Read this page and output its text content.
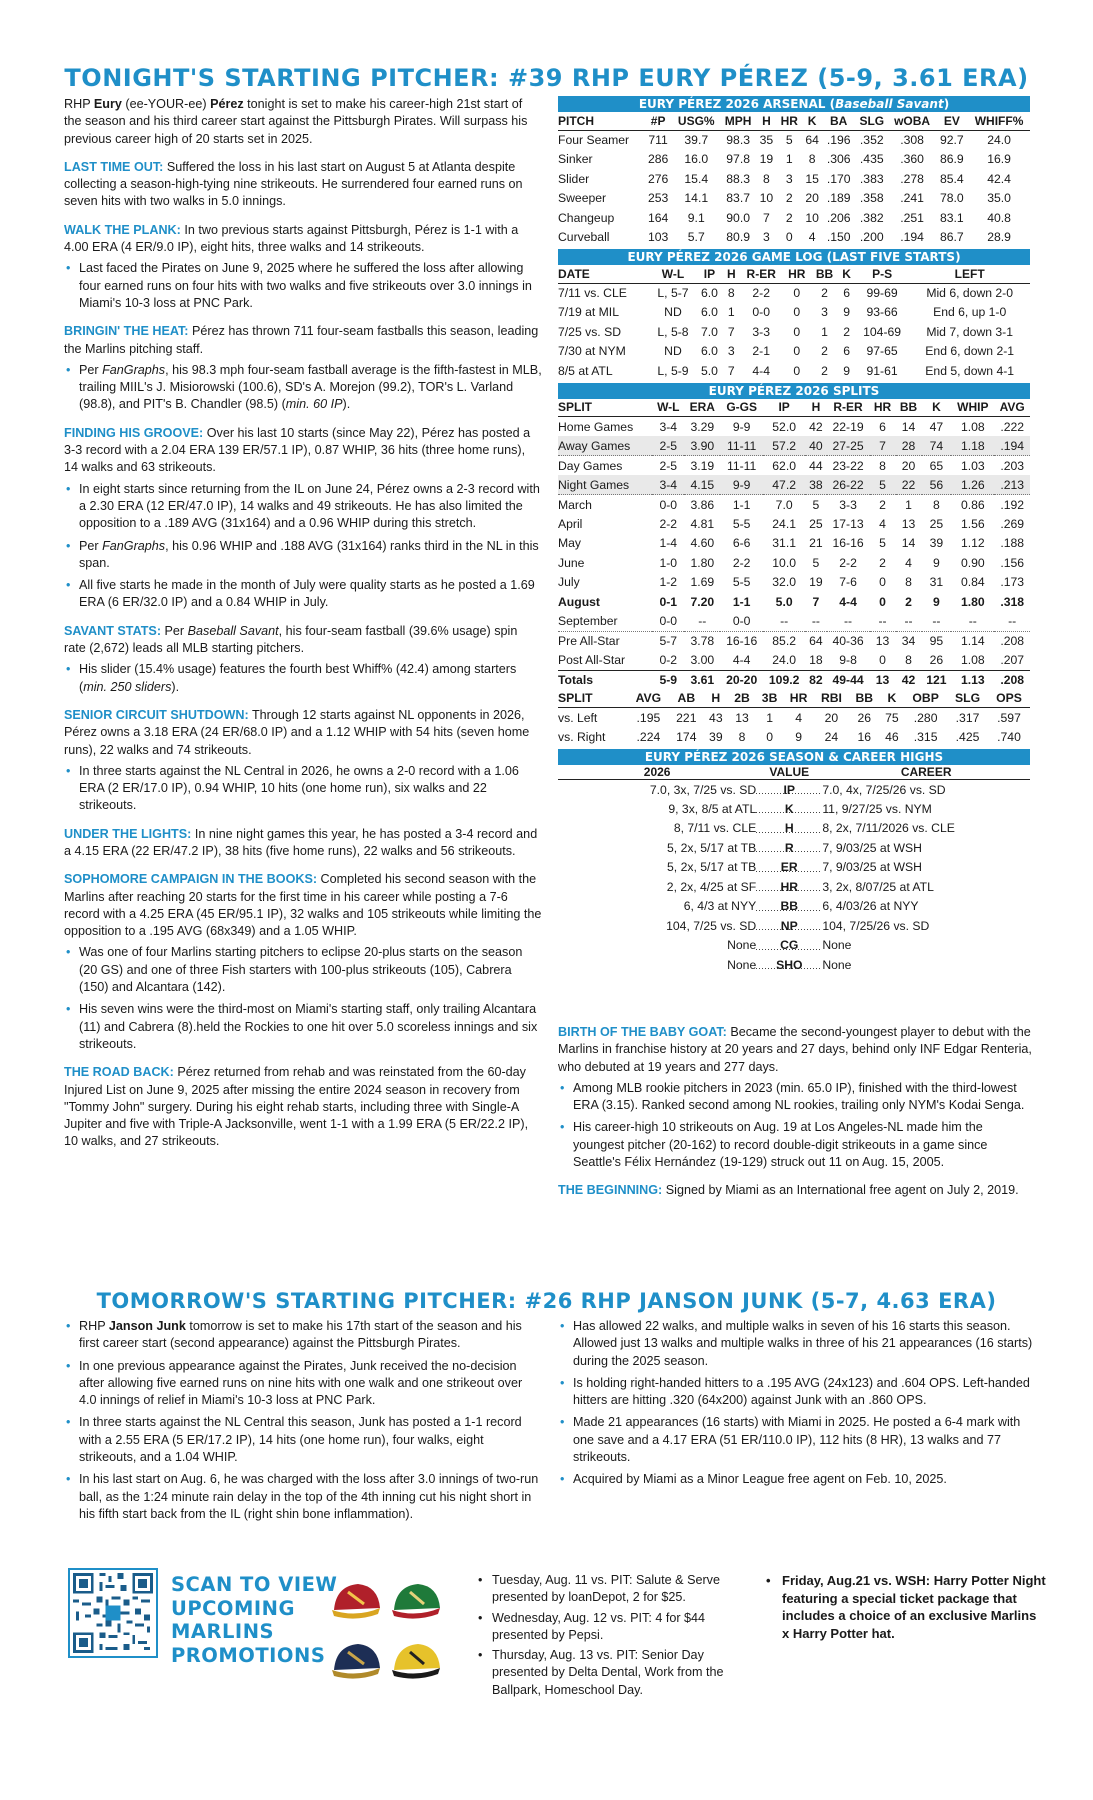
TONIGHT'S STARTING PITCHER: #39 RHP EURY PÉREZ (5-9, 3.61 ERA)

RHP Eury (ee-YOUR-ee) Pérez tonight is set to make his career-high 21st start of the season and his third career start against the Pittsburgh Pirates. Will surpass his previous career high of 20 starts set in 2025.

LAST TIME OUT: Suffered the loss in his last start on August 5 at Atlanta despite collecting a season-high-tying nine strikeouts. He surrendered four earned runs on seven hits with two walks in 5.0 innings.

WALK THE PLANK: In two previous starts against Pittsburgh, Pérez is 1-1 with a 4.00 ERA (4 ER/9.0 IP), eight hits, three walks and 14 strikeouts.

• Last faced the Pirates on June 9, 2025 where he suffered the loss after allowing four earned runs on four hits with two walks and five strikeouts over 3.0 innings in Miami's 10-3 loss at PNC Park.

BRINGIN' THE HEAT: Pérez has thrown 711 four-seam fastballs this season, leading the Marlins pitching staff.

• Per FanGraphs, his 98.3 mph four-seam fastball average is the fifth-fastest in MLB, trailing MIIL's J. Misiorowski (100.6), SD's A. Morejon (99.2), TOR's L. Varland (98.8), and PIT's B. Chandler (98.5) (min. 60 IP).

FINDING HIS GROOVE: Over his last 10 starts (since May 22), Pérez has posted a 3-3 record with a 2.04 ERA 139 ER/57.1 IP), 0.87 WHIP, 36 hits (three home runs), 14 walks and 63 strikeouts.

• In eight starts since returning from the IL on June 24, Pérez owns a 2-3 record with a 2.30 ERA (12 ER/47.0 IP), 14 walks and 49 strikeouts. He has also limited the opposition to a .189 AVG (31x164) and a 0.96 WHIP during this stretch.
• Per FanGraphs, his 0.96 WHIP and .188 AVG (31x164) ranks third in the NL in this span.
• All five starts he made in the month of July were quality starts as he posted a 1.69 ERA (6 ER/32.0 IP) and a 0.84 WHIP in July.

SAVANT STATS: Per Baseball Savant, his four-seam fastball (39.6% usage) spin rate (2,672) leads all MLB starting pitchers.

• His slider (15.4% usage) features the fourth best Whiff% (42.4) among starters (min. 250 sliders).

SENIOR CIRCUIT SHUTDOWN: Through 12 starts against NL opponents in 2026, Pérez owns a 3.18 ERA (24 ER/68.0 IP) and a 1.12 WHIP with 54 hits (seven home runs), 22 walks and 74 strikeouts.

• In three starts against the NL Central in 2026, he owns a 2-0 record with a 1.06 ERA (2 ER/17.0 IP), 0.94 WHIP, 10 hits (one home run), six walks and 22 strikeouts.

UNDER THE LIGHTS: In nine night games this year, he has posted a 3-4 record and a 4.15 ERA (22 ER/47.2 IP), 38 hits (five home runs), 22 walks and 56 strikeouts.

SOPHOMORE CAMPAIGN IN THE BOOKS: Completed his second season with the Marlins after reaching 20 starts for the first time in his career while posting a 7-6 record with a 4.25 ERA (45 ER/95.1 IP), 32 walks and 105 strikeouts while limiting the opposition to a .195 AVG (68x349) and a 1.05 WHIP.

• Was one of four Marlins starting pitchers to eclipse 20-plus starts on the season (20 GS) and one of three Fish starters with 100-plus strikeouts (105), Cabrera (150) and Alcantara (142).
• His seven wins were the third-most on Miami's starting staff, only trailing Alcantara (11) and Cabrera (8).held the Rockies to one hit over 5.0 scoreless innings and six strikeouts.

THE ROAD BACK: Pérez returned from rehab and was reinstated from the 60-day Injured List on June 9, 2025 after missing the entire 2024 season in recovery from "Tommy John" surgery. During his eight rehab starts, including three with Single-A Jupiter and five with Triple-A Jacksonville, went 1-1 with a 1.99 ERA (5 ER/22.2 IP), 10 walks, and 27 strikeouts.

EURY PÉREZ 2026 ARSENAL (Baseball Savant)
PITCH	#P	USG%	MPH	H	HR	K	BA	SLG	wOBA	EV	WHIFF%
Four Seamer	711	39.7	98.3	35	5	64	.196	.352	.308	92.7	24.0
Sinker	286	16.0	97.8	19	1	8	.306	.435	.360	86.9	16.9
Slider	276	15.4	88.3	8	3	15	.170	.383	.278	85.4	42.4
Sweeper	253	14.1	83.7	10	2	20	.189	.358	.241	78.0	35.0
Changeup	164	9.1	90.0	7	2	10	.206	.382	.251	83.1	40.8
Curveball	103	5.7	80.9	3	0	4	.150	.200	.194	86.7	28.9
EURY PÉREZ 2026 GAME LOG (LAST FIVE STARTS)
DATE	W-L	IP	H	R-ER	HR	BB	K	P-S	LEFT
7/11 vs. CLE	L, 5-7	6.0	8	2-2	0	2	6	99-69	Mid 6, down 2-0
7/19 at MIL	ND	6.0	1	0-0	0	3	9	93-66	End 6, up 1-0
7/25 vs. SD	L, 5-8	7.0	7	3-3	0	1	2	104-69	Mid 7, down 3-1
7/30 at NYM	ND	6.0	3	2-1	0	2	6	97-65	End 6, down 2-1
8/5 at ATL	L, 5-9	5.0	7	4-4	0	2	9	91-61	End 5, down 4-1
EURY PÉREZ 2026 SPLITS
SPLIT	W-L	ERA	G-GS	IP	H	R-ER	HR	BB	K	WHIP	AVG
Home Games	3-4	3.29	9-9	52.0	42	22-19	6	14	47	1.08	.222
Away Games	2-5	3.90	11-11	57.2	40	27-25	7	28	74	1.18	.194
Day Games	2-5	3.19	11-11	62.0	44	23-22	8	20	65	1.03	.203
Night Games	3-4	4.15	9-9	47.2	38	26-22	5	22	56	1.26	.213
March	0-0	3.86	1-1	7.0	5	3-3	2	1	8	0.86	.192
April	2-2	4.81	5-5	24.1	25	17-13	4	13	25	1.56	.269
May	1-4	4.60	6-6	31.1	21	16-16	5	14	39	1.12	.188
June	1-0	1.80	2-2	10.0	5	2-2	2	4	9	0.90	.156
July	1-2	1.69	5-5	32.0	19	7-6	0	8	31	0.84	.173
August	0-1	7.20	1-1	5.0	7	4-4	0	2	9	1.80	.318
September	0-0	--	0-0	--	--	--	--	--	--	--	--
Pre All-Star	5-7	3.78	16-16	85.2	64	40-36	13	34	95	1.14	.208
Post All-Star	0-2	3.00	4-4	24.0	18	9-8	0	8	26	1.08	.207
Totals	5-9	3.61	20-20	109.2	82	49-44	13	42	121	1.13	.208
SPLIT	AVG	AB	H	2B	3B	HR	RBI	BB	K	OBP	SLG	OPS
vs. Left	.195	221	43	13	1	4	20	26	75	.280	.317	.597
vs. Right	.224	174	39	8	0	9	24	16	46	.315	.425	.740
EURY PÉREZ 2026 SEASON & CAREER HIGHS
2026	VALUE	CAREER
7.0, 3x, 7/25 vs. SD	IP	7.0, 4x, 7/25/26 vs. SD
9, 3x, 8/5 at ATL	K	11, 9/27/25 vs. NYM
8, 7/11 vs. CLE	H	8, 2x, 7/11/2026 vs. CLE
5, 2x, 5/17 at TB	R	7, 9/03/25 at WSH
5, 2x, 5/17 at TB	ER	7, 9/03/25 at WSH
2, 2x, 4/25 at SF	HR	3, 2x, 8/07/25 at ATL
6, 4/3 at NYY	BB	6, 4/03/26 at NYY
104, 7/25 vs. SD	NP	104, 7/25/26 vs. SD
None	CG	None
None	SHO	None

BIRTH OF THE BABY GOAT: Became the second-youngest player to debut with the Marlins in franchise history at 20 years and 27 days, behind only INF Edgar Renteria, who debuted at 19 years and 277 days.

• Among MLB rookie pitchers in 2023 (min. 65.0 IP), finished with the third-lowest ERA (3.15). Ranked second among NL rookies, trailing only NYM's Kodai Senga.
• His career-high 10 strikeouts on Aug. 19 at Los Angeles-NL made him the youngest pitcher (20-162) to record double-digit strikeouts in a game since Seattle's Félix Hernández (19-129) struck out 11 on Aug. 15, 2005.

THE BEGINNING: Signed by Miami as an International free agent on July 2, 2019.

TOMORROW'S STARTING PITCHER: #26 RHP JANSON JUNK (5-7, 4.63 ERA)
• RHP Janson Junk tomorrow is set to make his 17th start of the season and his first career start (second appearance) against the Pittsburgh Pirates.
• In one previous appearance against the Pirates, Junk received the no-decision after allowing five earned runs on nine hits with one walk and one strikeout over 4.0 innings of relief in Miami's 10-3 loss at PNC Park.
• In three starts against the NL Central this season, Junk has posted a 1-1 record with a 2.55 ERA (5 ER/17.2 IP), 14 hits (one home run), four walks, eight strikeouts, and a 1.04 WHIP.
• In his last start on Aug. 6, he was charged with the loss after 3.0 innings of two-run ball, as the 1:24 minute rain delay in the top of the 4th inning cut his night short in his fifth start back from the IL (right shin bone inflammation).
• Has allowed 22 walks, and multiple walks in seven of his 16 starts this season. Allowed just 13 walks and multiple walks in three of his 21 appearances (16 starts) during the 2025 season.
• Is holding right-handed hitters to a .195 AVG (24x123) and .604 OPS. Left-handed hitters are hitting .320 (64x200) against Junk with an .860 OPS.
• Made 21 appearances (16 starts) with Miami in 2025. He posted a 6-4 mark with one save and a 4.17 ERA (51 ER/110.0 IP), 112 hits (8 HR), 13 walks and 77 strikeouts.
• Acquired by Miami as a Minor League free agent on Feb. 10, 2025.
SCAN TO VIEW
UPCOMING
MARLINS
PROMOTIONS
• Tuesday, Aug. 11 vs. PIT: Salute & Serve presented by loanDepot, 2 for $25.
• Wednesday, Aug. 12 vs. PIT: 4 for $44 presented by Pepsi.
• Thursday, Aug. 13 vs. PIT: Senior Day presented by Delta Dental, Work from the Ballpark, Homeschool Day.
• Friday, Aug.21 vs. WSH: Harry Potter Night featuring a special ticket package that includes a choice of an exclusive Marlins x Harry Potter hat.
